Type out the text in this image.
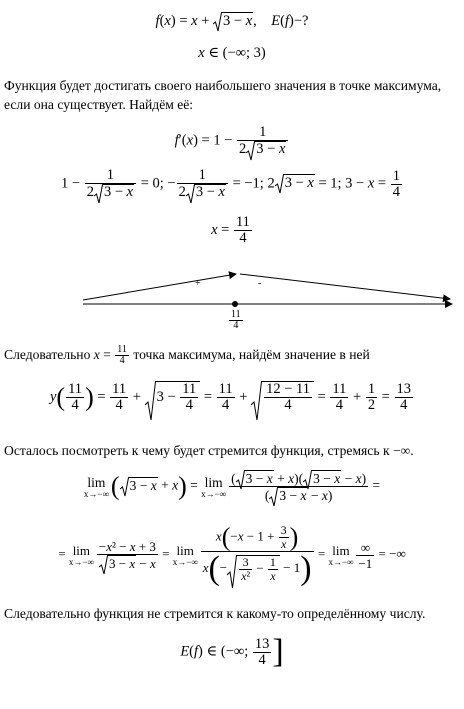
f(x) = x +
3 − x,    E(f)−?
x ∈ (−∞; 3)
Функция будет достигать своего наибольшего значения в точке максимума,
если она существует. Найдём её:
$f'(x) = 1 - \frac{1}{2 3 - x}$
$1 - \frac{1}{2 3 - x} = 0$; − $\frac{1}{2 3 - x} = -1$; 2 3 − x = 1; $3 - x = \frac{1}{4}$
$x = \frac{11}{4}$
+	-
$\frac{11}{4}$
Следовательно $x = \frac{11}{4}$ точка максимума, найдём значение в ней
$y( \frac{11}{4}$ ) = $\frac{11}{4}$ +
$3 - \frac{11}{4} = \frac{11}{4} + \frac{12 - 11}{4} = \frac{11}{4} + \frac{1}{2} = \frac{13}{4}$
Осталось посмотреть к чему будет стремится функция, стремясь к −∞.
lim
x→−∞ ( 3 − x + x) = lim
$x\to-\infty \frac{( 3 - x + x)( 3 - x - x)}{( 3 - x - x)}$ =
= lim
$x\to-\infty \frac{\text{−x² − x + 3}}{3 - x - x} = \lim$
$x\to-\infty \frac{x(-x - 1 + \frac{3}{x} )}{x(- \frac{3}{\text{x²}} - \frac{1}{x} - 1)} = \lim$
x→−∞
∞
−1
= −∞
Следовательно функция не стремится к какому-то определённому числу.
E(f) ∈ (−∞; $\frac{13}{4}$ ]
